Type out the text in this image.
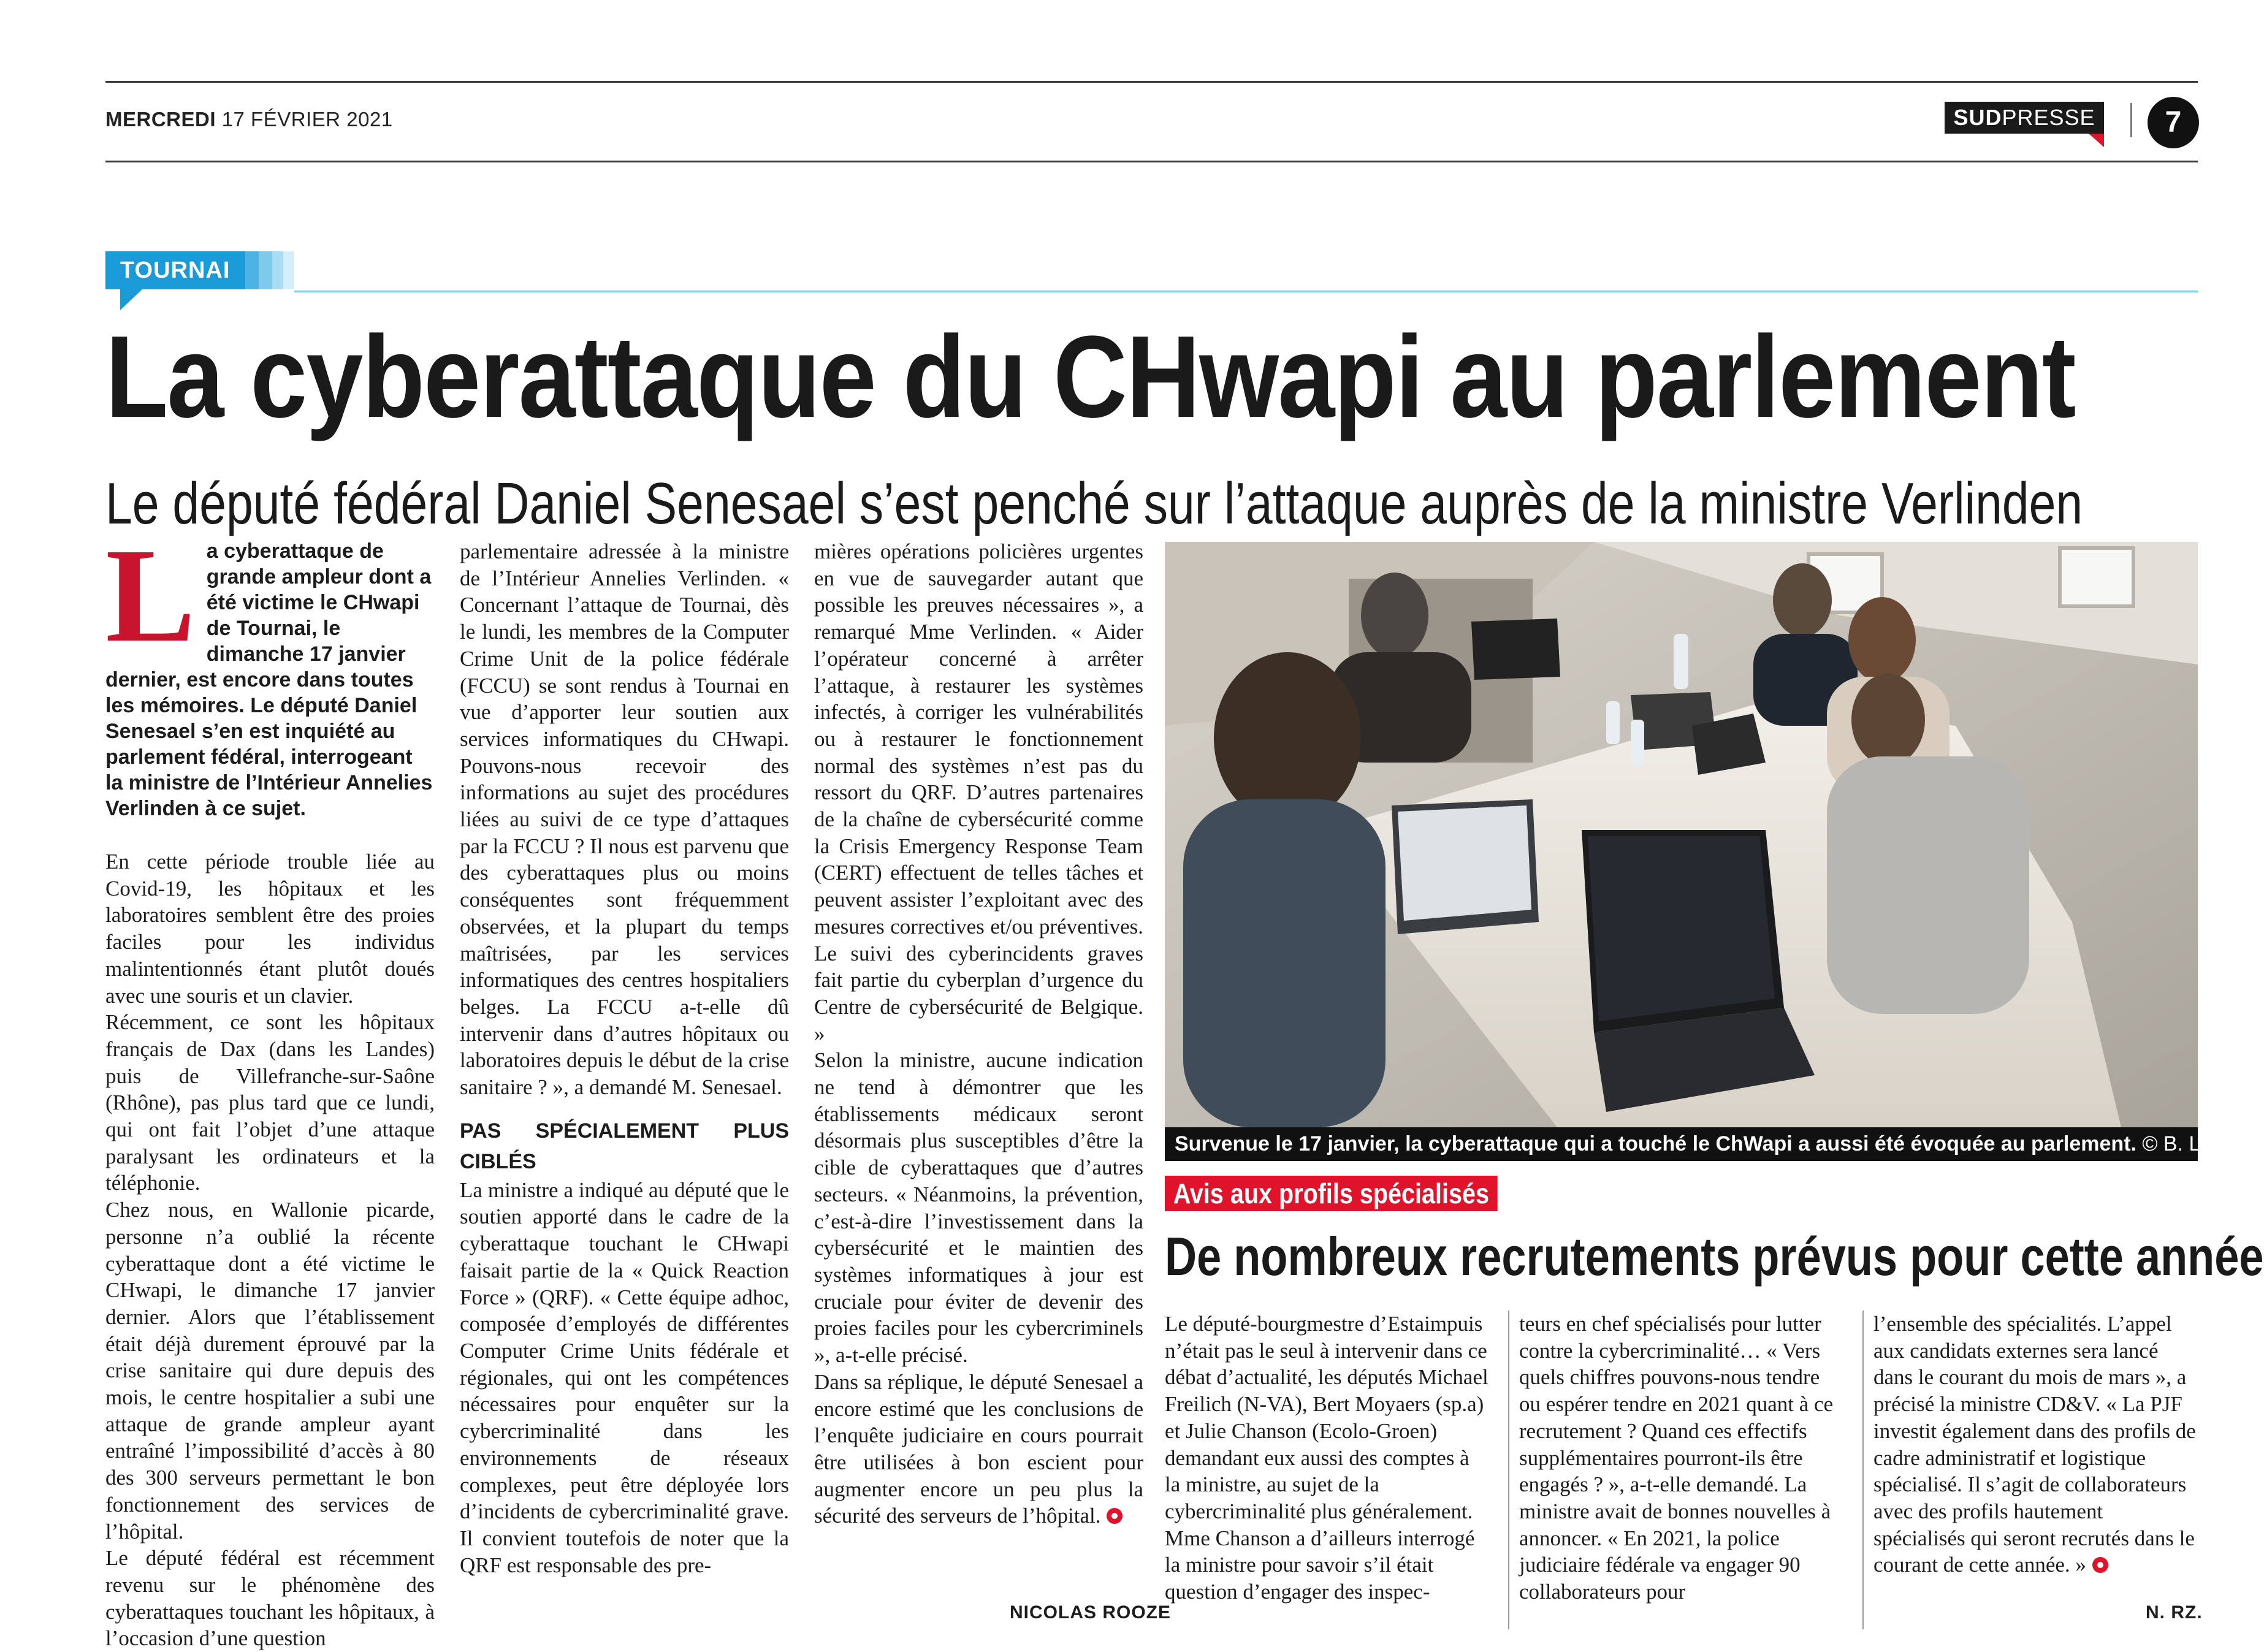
MERCREDI 17 FÉVRIER 2021	SUDPRESSE	7
TOURNAI
La cyberattaque du CHwapi au parlement
Le député fédéral Daniel Senesael s’est penché sur l’attaque auprès de la ministre Verlinden
La cyberattaque de grande ampleur dont a été victime le CHwapi de Tournai, le dimanche 17 janvier dernier, est encore dans toutes les mémoires. Le député Daniel Senesael s’en est inquiété au parlement fédéral, interrogeant la ministre de l’Intérieur Annelies Verlinden à ce sujet.

En cette période trouble liée au Covid-19, les hôpitaux et les laboratoires semblent être des proies faciles pour les individus malintentionnés étant plutôt doués avec une souris et un clavier.

Récemment, ce sont les hôpitaux français de Dax (dans les Landes) puis de Villefranche-sur-Saône (Rhône), pas plus tard que ce lundi, qui ont fait l’objet d’une attaque paralysant les ordinateurs et la téléphonie.

Chez nous, en Wallonie picarde, personne n’a oublié la récente cyberattaque dont a été victime le CHwapi, le dimanche 17 janvier dernier. Alors que l’établissement était déjà durement éprouvé par la crise sanitaire qui dure depuis des mois, le centre hospitalier a subi une attaque de grande ampleur ayant entraîné l’impossibilité d’accès à 80 des 300 serveurs permettant le bon fonctionnement des services de l’hôpital.

Le député fédéral est récemment revenu sur le phénomène des cyberattaques touchant les hôpitaux, à l’occasion d’une question

parlementaire adressée à la ministre de l’Intérieur Annelies Verlinden. « Concernant l’attaque de Tournai, dès le lundi, les membres de la Computer Crime Unit de la police fédérale (FCCU) se sont rendus à Tournai en vue d’apporter leur soutien aux services informatiques du CHwapi. Pouvons-nous recevoir des informations au sujet des procédures liées au suivi de ce type d’attaques par la FCCU ? Il nous est parvenu que des cyberattaques plus ou moins conséquentes sont fréquemment observées, et la plupart du temps maîtrisées, par les services informatiques des centres hospitaliers belges. La FCCU a-t-elle dû intervenir dans d’autres hôpitaux ou laboratoires depuis le début de la crise sanitaire ? », a demandé M. Senesael.

PAS SPÉCIALEMENT PLUS CIBLÉS

La ministre a indiqué au député que le soutien apporté dans le cadre de la cyberattaque touchant le CHwapi faisait partie de la « Quick Reaction Force » (QRF). « Cette équipe adhoc, composée d’employés de différentes Computer Crime Units fédérale et régionales, qui ont les compétences nécessaires pour enquêter sur la cybercriminalité dans les environnements de réseaux complexes, peut être déployée lors d’incidents de cybercriminalité grave. Il convient toutefois de noter que la QRF est responsable des pre-

mières opérations policières urgentes en vue de sauvegarder autant que possible les preuves nécessaires », a remarqué Mme Verlinden. « Aider l’opérateur concerné à arrêter l’attaque, à restaurer les systèmes infectés, à corriger les vulnérabilités ou à restaurer le fonctionnement normal des systèmes n’est pas du ressort du QRF. D’autres partenaires de la chaîne de cybersécurité comme la Crisis Emergency Response Team (CERT) effectuent de telles tâches et peuvent assister l’exploitant avec des mesures correctives et/ou préventives. Le suivi des cyberincidents graves fait partie du cyberplan d’urgence du Centre de cybersécurité de Belgique. »

Selon la ministre, aucune indication ne tend à démontrer que les établissements médicaux seront désormais plus susceptibles d’être la cible de cyberattaques que d’autres secteurs. « Néanmoins, la prévention, c’est-à-dire l’investissement dans la cybersécurité et le maintien des systèmes informatiques à jour est cruciale pour éviter de devenir des proies faciles pour les cybercriminels », a-t-elle précisé.

Dans sa réplique, le député Senesael a encore estimé que les conclusions de l’enquête judiciaire en cours pourrait être utilisées à bon escient pour augmenter encore un peu plus la sécurité des serveurs de l’hôpital.

NICOLAS ROOZE
Survenue le 17 janvier, la cyberattaque qui a touché le ChWapi a aussi été évoquée au parlement. © B. L.
Avis aux profils spécialisés
De nombreux recrutements prévus pour cette année

Le député-bourgmestre d’Estaimpuis n’était pas le seul à intervenir dans ce débat d’actualité, les députés Michael Freilich (N-VA), Bert Moyaers (sp.a) et Julie Chanson (Ecolo-Groen) demandant eux aussi des comptes à la ministre, au sujet de la cybercriminalité plus généralement. Mme Chanson a d’ailleurs interrogé la ministre pour savoir s’il était question d’engager des inspec-

teurs en chef spécialisés pour lutter contre la cybercriminalité… « Vers quels chiffres pouvons-nous tendre ou espérer tendre en 2021 quant à ce recrutement ? Quand ces effectifs supplémentaires pourront-ils être engagés ? », a-t-elle demandé. La ministre avait de bonnes nouvelles à annoncer. « En 2021, la police judiciaire fédérale va engager 90 collaborateurs pour

l’ensemble des spécialités. L’appel aux candidats externes sera lancé dans le courant du mois de mars », a précisé la ministre CD&V. « La PJF investit également dans des profils de cadre administratif et logistique spécialisé. Il s’agit de collaborateurs avec des profils hautement spécialisés qui seront recrutés dans le courant de cette année. »

N. RZ.
